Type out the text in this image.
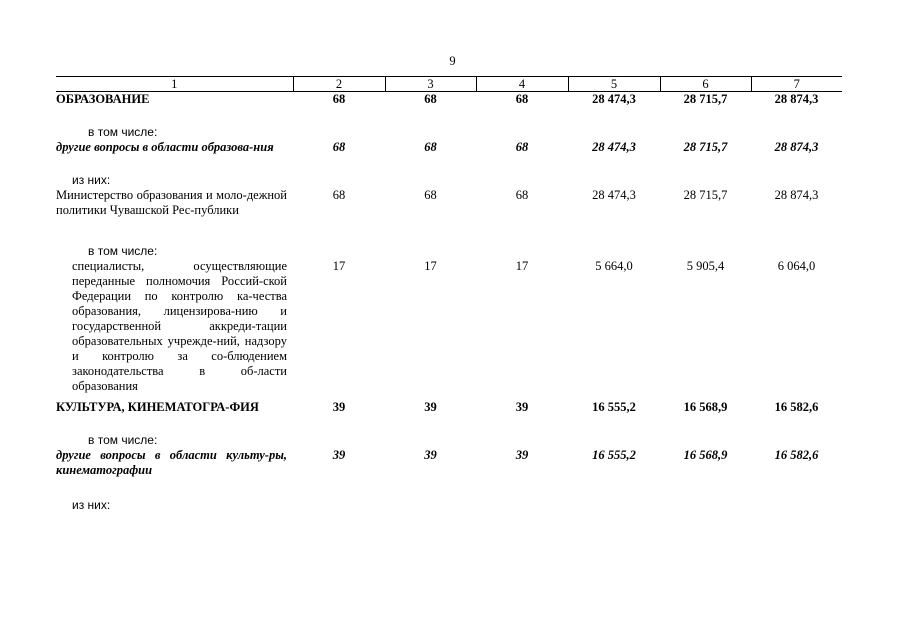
9
1	2	3	4	5	6	7
ОБРАЗОВАНИЕ	68	68	68	28 474,3	28 715,7	28 874,3

в том числе:						
другие вопросы в области образова-ния	68	68	68	28 474,3	28 715,7	28 874,3

из них:						
Министерство образования и моло-дежной политики Чувашской Рес-публики	68	68	68	28 474,3	28 715,7	28 874,3

в том числе:						
специалисты, осуществляющие переданные полномочия Россий-ской Федерации по контролю ка-чества образования, лицензирова-нию и государственной аккреди-тации образовательных учрежде-ний, надзору и контролю за со-блюдением законодательства в об-ласти образования	17	17	17	5 664,0	5 905,4	6 064,0

КУЛЬТУРА, КИНЕМАТОГРА-ФИЯ	39	39	39	16 555,2	16 568,9	16 582,6

в том числе:						
другие вопросы в области культу-ры, кинематографии	39	39	39	16 555,2	16 568,9	16 582,6

из них:						
